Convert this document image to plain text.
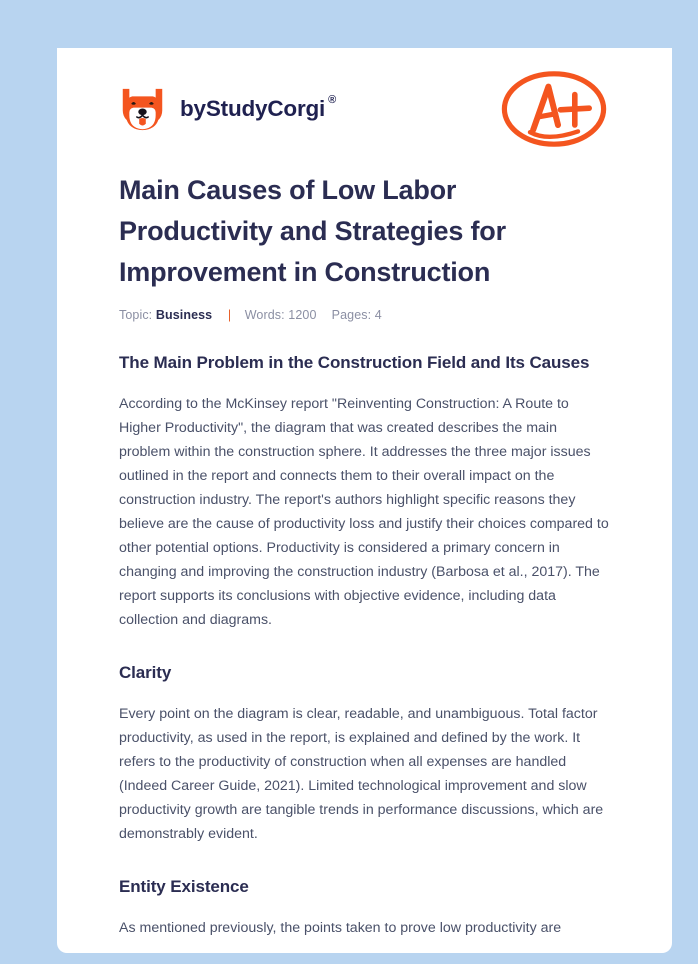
by StudyCorgi ®
Main Causes of Low Labor Productivity and Strategies for Improvement in Construction
Topic: Business | Words: 1200 Pages: 4
The Main Problem in the Construction Field and Its Causes

According to the McKinsey report "Reinventing Construction: A Route to Higher Productivity", the diagram that was created describes the main problem within the construction sphere. It addresses the three major issues outlined in the report and connects them to their overall impact on the construction industry. The report's authors highlight specific reasons they believe are the cause of productivity loss and justify their choices compared to other potential options. Productivity is considered a primary concern in changing and improving the construction industry (Barbosa et al., 2017). The report supports its conclusions with objective evidence, including data collection and diagrams.

Clarity

Every point on the diagram is clear, readable, and unambiguous. Total factor productivity, as used in the report, is explained and defined by the work. It refers to the productivity of construction when all expenses are handled (Indeed Career Guide, 2021). Limited technological improvement and slow productivity growth are tangible trends in performance discussions, which are demonstrably evident.

Entity Existence

As mentioned previously, the points taken to prove low productivity are
